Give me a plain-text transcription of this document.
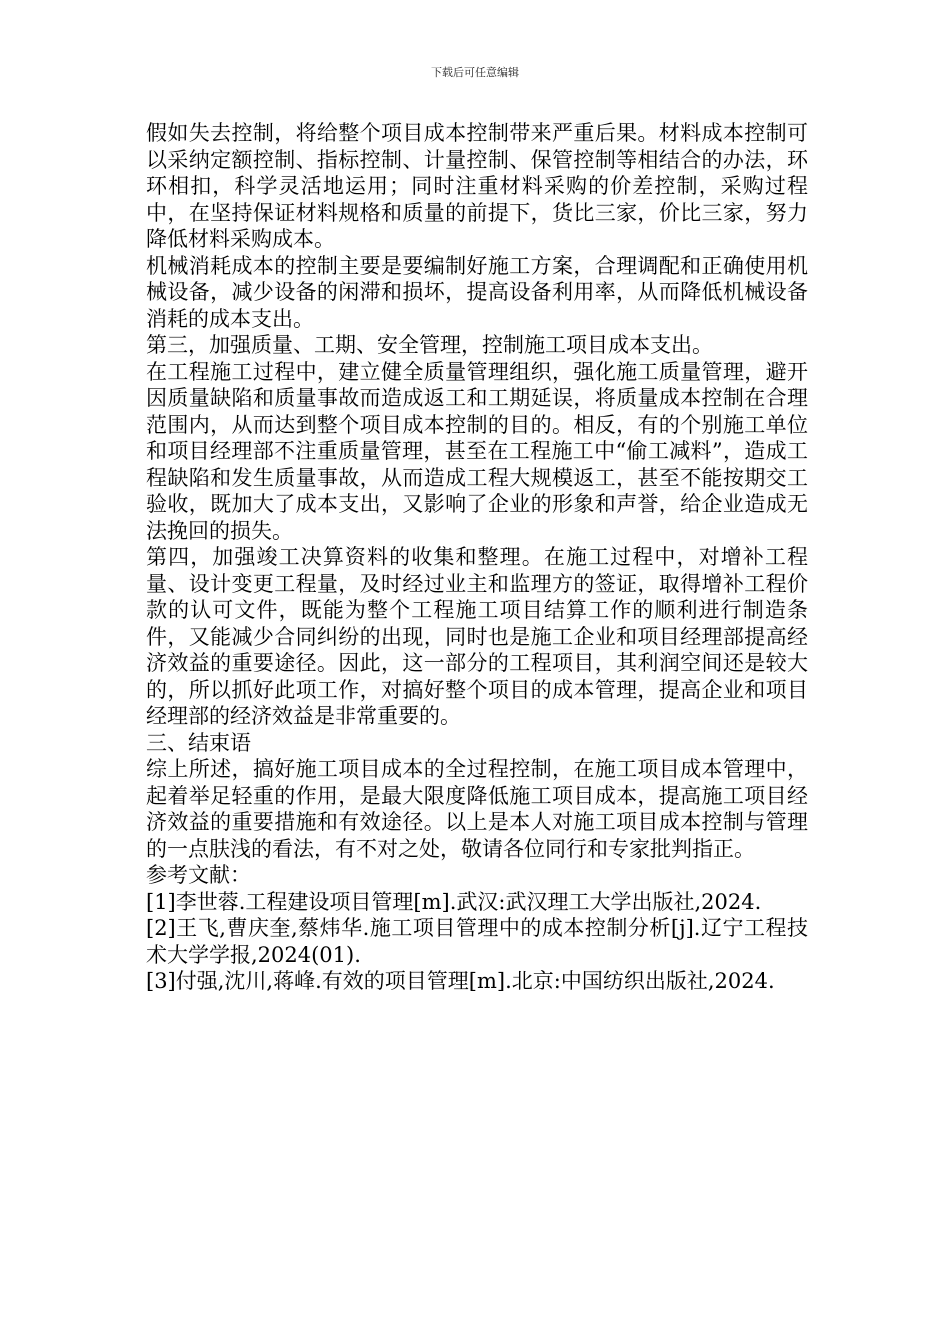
下载后可任意编辑

假如失去控制，将给整个项目成本控制带来严重后果。材料成本控制可以采纳定额控制、指标控制、计量控制、保管控制等相结合的办法，环环相扣，科学灵活地运用；同时注重材料采购的价差控制，采购过程中，在坚持保证材料规格和质量的前提下，货比三家，价比三家，努力降低材料采购成本。

机械消耗成本的控制主要是要编制好施工方案，合理调配和正确使用机械设备，减少设备的闲滞和损坏，提高设备利用率，从而降低机械设备消耗的成本支出。

第三，加强质量、工期、安全管理，控制施工项目成本支出。

在工程施工过程中，建立健全质量管理组织，强化施工质量管理，避开因质量缺陷和质量事故而造成返工和工期延误，将质量成本控制在合理范围内，从而达到整个项目成本控制的目的。相反，有的个别施工单位和项目经理部不注重质量管理，甚至在工程施工中“偷工减料”，造成工程缺陷和发生质量事故，从而造成工程大规模返工，甚至不能按期交工验收，既加大了成本支出，又影响了企业的形象和声誉，给企业造成无法挽回的损失。

第四，加强竣工决算资料的收集和整理。在施工过程中，对增补工程量、设计变更工程量，及时经过业主和监理方的签证，取得增补工程价款的认可文件，既能为整个工程施工项目结算工作的顺利进行制造条件，又能减少合同纠纷的出现，同时也是施工企业和项目经理部提高经济效益的重要途径。因此，这一部分的工程项目，其利润空间还是较大的，所以抓好此项工作，对搞好整个项目的成本管理，提高企业和项目经理部的经济效益是非常重要的。

三、结束语

综上所述，搞好施工项目成本的全过程控制，在施工项目成本管理中，起着举足轻重的作用，是最大限度降低施工项目成本，提高施工项目经济效益的重要措施和有效途径。以上是本人对施工项目成本控制与管理的一点肤浅的看法，有不对之处，敬请各位同行和专家批判指正。

参考文献：

[1]李世蓉.工程建设项目管理[m].武汉:武汉理工大学出版社,2024.

[2]王飞,曹庆奎,蔡炜华.施工项目管理中的成本控制分析[j].辽宁工程技术大学学报,2024(01).

[3]付强,沈川,蒋峰.有效的项目管理[m].北京:中国纺织出版社,2024.
